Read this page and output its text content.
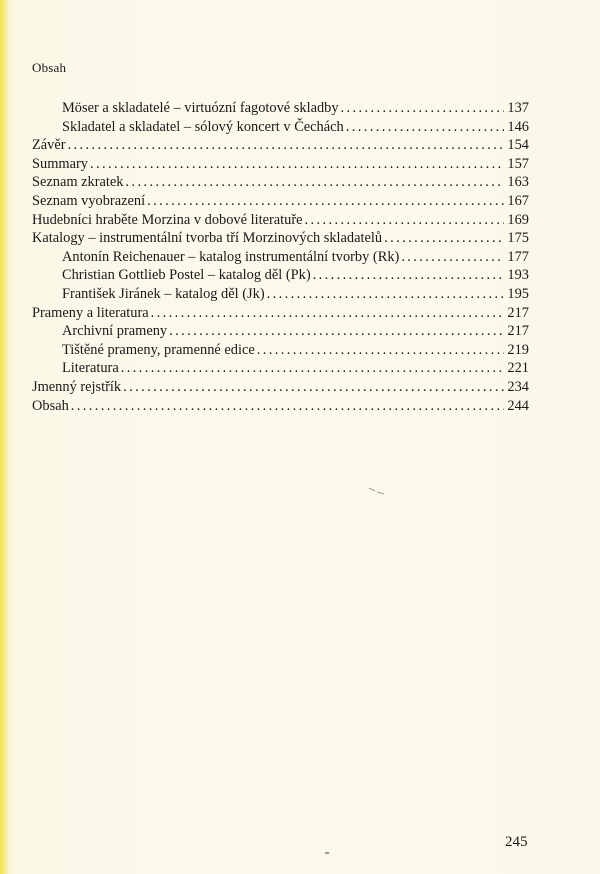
Obsah
Möser a skladatelé – virtuózní fagotové skladby . . .	137
Skladatel a skladatel – sólový koncert v Čechách . . .	146
Závěr . . .	154
Summary . . .	157
Seznam zkratek . . .	163
Seznam vyobrazení . . .	167
Hudebníci hraběte Morzina v dobové literatuře . . .	169
Katalogy – instrumentální tvorba tří Morzinových skladatelů . . .	175
Antonín Reichenauer – katalog instrumentální tvorby (Rk) . . .	177
Christian Gottlieb Postel – katalog děl (Pk) . . .	193
František Jiránek – katalog děl (Jk) . . .	195
Prameny a literatura . . .	217
Archivní prameny . . .	217
Tištěné prameny, pramenné edice . . .	219
Literatura . . .	221
Jmenný rejstřík . . .	234
Obsah . . .	244
245
